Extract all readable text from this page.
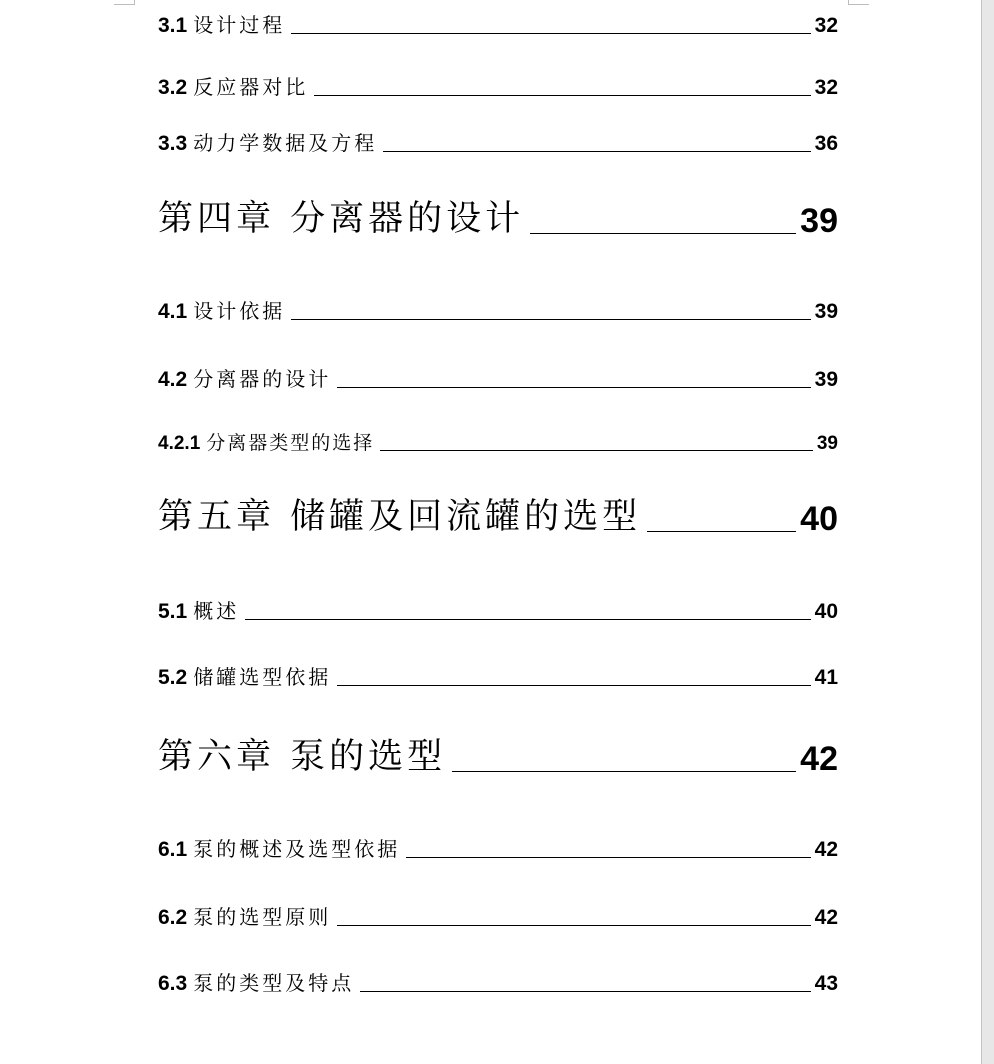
3.1 设计过程	32
3.2 反应器对比	32
3.3 动力学数据及方程	36
第四章 分离器的设计	39
4.1 设计依据	39
4.2 分离器的设计	39
4.2.1 分离器类型的选择	39
第五章 储罐及回流罐的选型	40
5.1 概述	40
5.2 储罐选型依据	41
第六章 泵的选型	42
6.1 泵的概述及选型依据	42
6.2 泵的选型原则	42
6.3 泵的类型及特点	43
